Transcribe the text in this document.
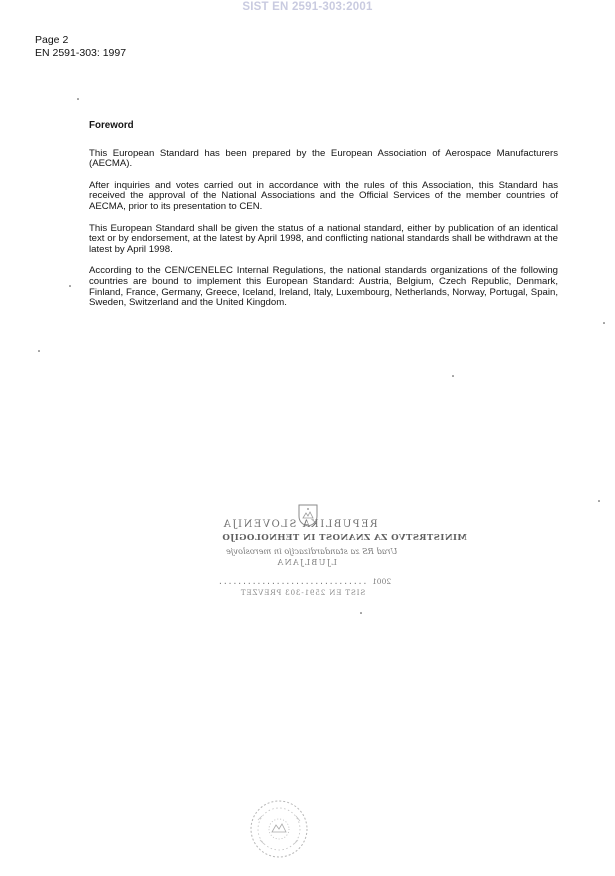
SIST EN 2591-303:2001
Page 2
EN 2591-303: 1997
Foreword

This European Standard has been prepared by the European Association of Aerospace Manufacturers (AECMA).

After inquiries and votes carried out in accordance with the rules of this Association, this Standard has received the approval of the National Associations and the Official Services of the member countries of AECMA, prior to its presentation to CEN.

This European Standard shall be given the status of a national standard, either by publication of an identical text or by endorsement, at the latest by April 1998, and conflicting national standards shall be withdrawn at the latest by April 1998.

According to the CEN/CENELEC Internal Regulations, the national standards organizations of the following countries are bound to implement this European Standard: Austria, Belgium, Czech Republic, Denmark, Finland, France, Germany, Greece, Iceland, Ireland, Italy, Luxembourg, Netherlands, Norway, Portugal, Spain, Sweden, Switzerland and the United Kingdom.

REPUBLIKA SLOVENIJA
MINISTRSTVO ZA ZNANOST IN TEHNOLOGIJO
Urad RS za standardizacijo in meroslovje
LJUBLJANA
............................... 2001
SIST EN 2591-303 PREVZET
